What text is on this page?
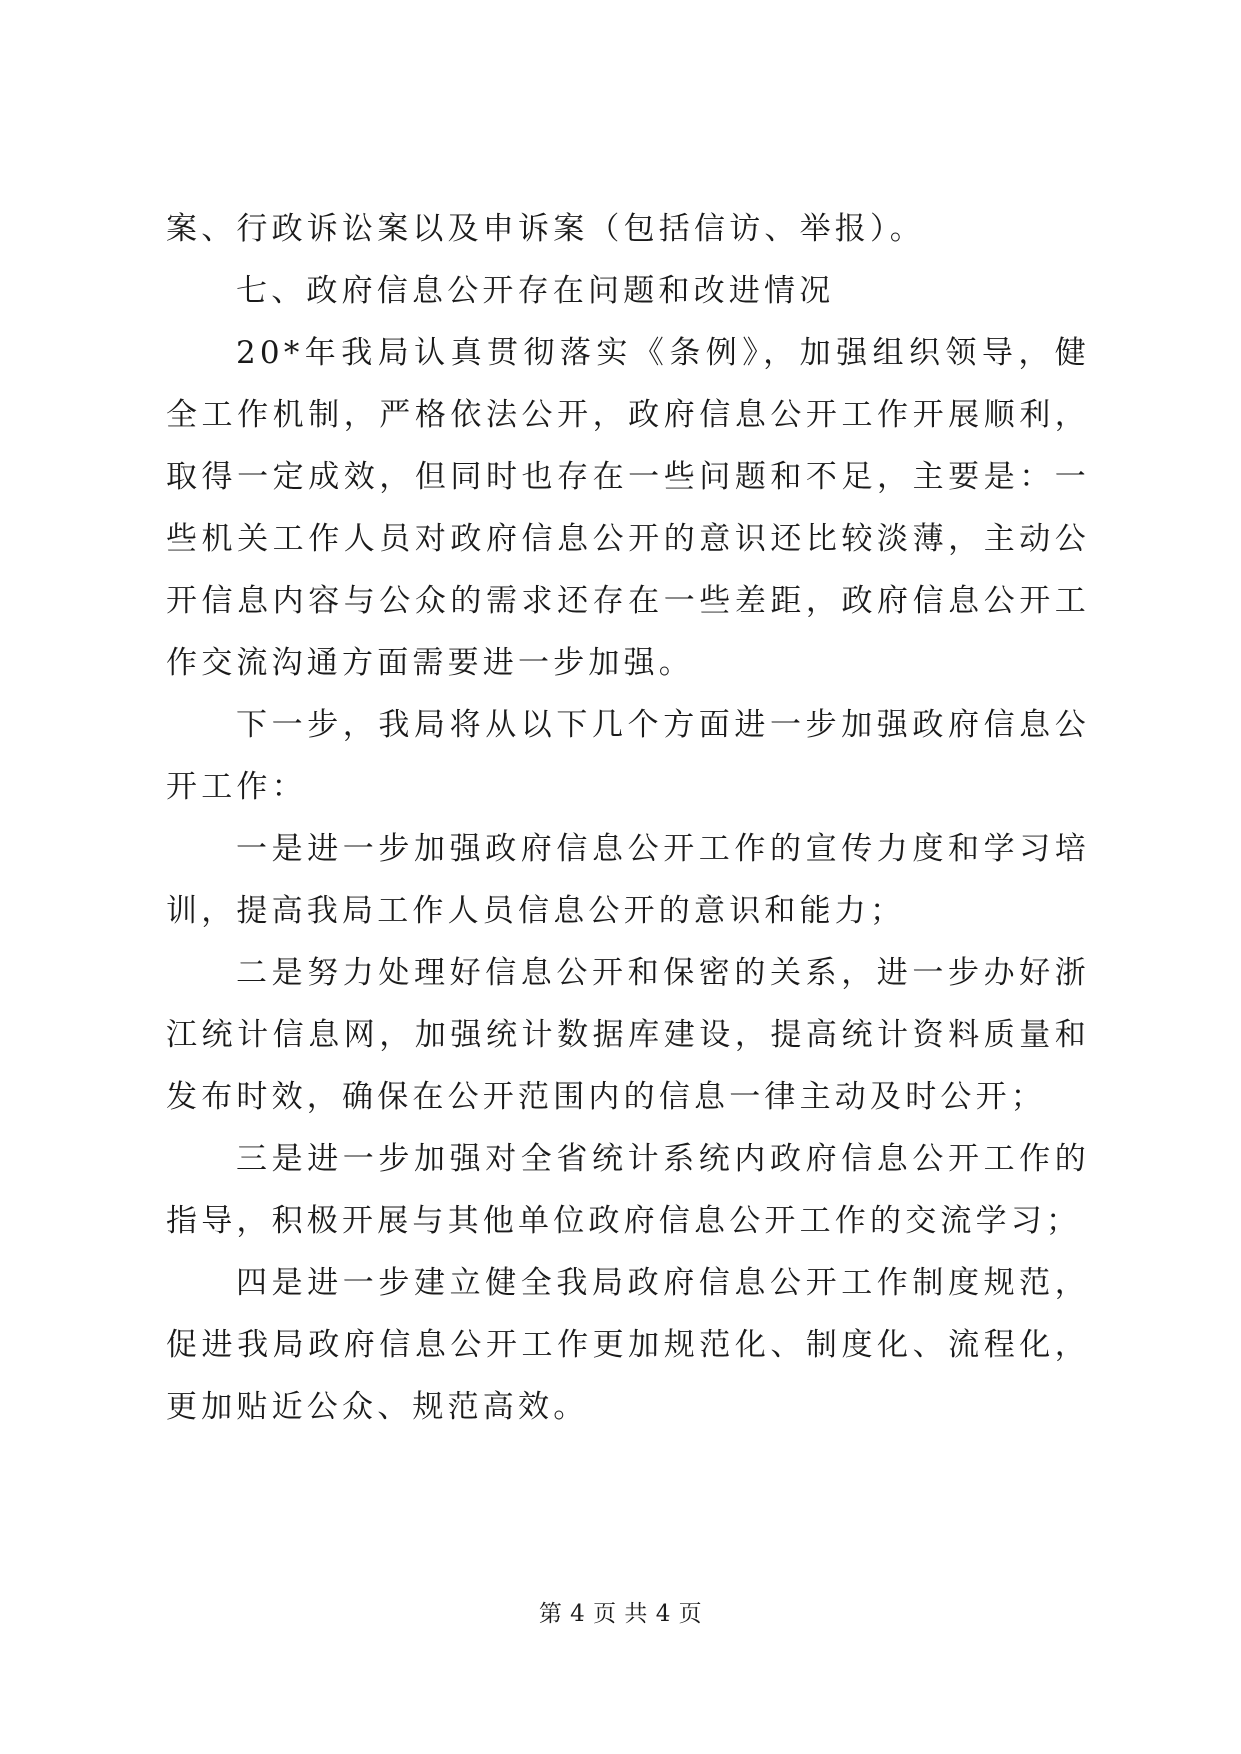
案、行政诉讼案以及申诉案（包括信访、举报）。

七、政府信息公开存在问题和改进情况

20*年我局认真贯彻落实《条例》，加强组织领导，健全工作机制，严格依法公开，政府信息公开工作开展顺利，取得一定成效，但同时也存在一些问题和不足，主要是：一些机关工作人员对政府信息公开的意识还比较淡薄，主动公开信息内容与公众的需求还存在一些差距，政府信息公开工作交流沟通方面需要进一步加强。

下一步，我局将从以下几个方面进一步加强政府信息公开工作：

一是进一步加强政府信息公开工作的宣传力度和学习培训，提高我局工作人员信息公开的意识和能力；

二是努力处理好信息公开和保密的关系，进一步办好浙江统计信息网，加强统计数据库建设，提高统计资料质量和发布时效，确保在公开范围内的信息一律主动及时公开；

三是进一步加强对全省统计系统内政府信息公开工作的指导，积极开展与其他单位政府信息公开工作的交流学习；

四是进一步建立健全我局政府信息公开工作制度规范，促进我局政府信息公开工作更加规范化、制度化、流程化，更加贴近公众、规范高效。

第 4 页 共 4 页
